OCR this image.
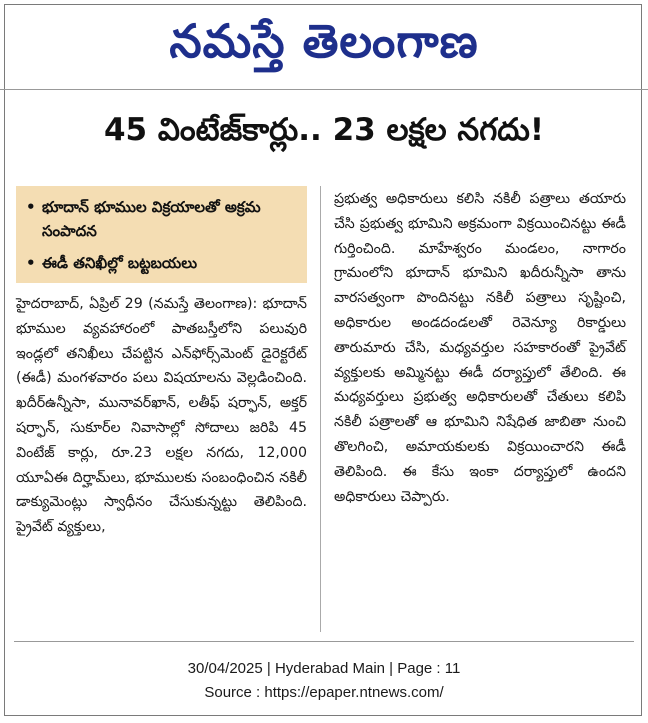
నమస్తే తెలంగాణ
45 వింటేజ్‌కార్లు.. 23 లక్షల నగదు!
• భూదాన్ భూముల విక్రయాలతో అక్రమ సంపాదన
• ఈడీ తనిఖీల్లో బట్టబయలు
హైదరాబాద్, ఏప్రిల్ 29 (నమస్తే తెలంగాణ): భూదాన్ భూముల వ్యవహారంలో పాతబస్తీలోని పలువురి ఇండ్లలో తనిఖీలు చేపట్టిన ఎన్‌ఫోర్స్‌మెంట్ డైరెక్టరేట్ (ఈడీ) మంగళవారం పలు విషయాలను వెల్లడించింది. ఖదీర్‌ఉన్నీసా, మునావర్‌ఖాన్, లతీఫ్ షర్ఫాన్, అక్తర్ షర్ఫాన్, సుకూర్‌ల నివాసాల్లో సోదాలు జరిపి 45 వింటేజ్ కార్లు, రూ.23 లక్షల నగదు, 12,000 యూఏఈ దిర్హామ్‌లు, భూములకు సంబంధించిన నకిలీ డాక్యుమెంట్లు స్వాధీనం చేసుకున్నట్టు తెలిపింది. ప్రైవేట్ వ్యక్తులు,
ప్రభుత్వ అధికారులు కలిసి నకిలీ పత్రాలు తయారు చేసి ప్రభుత్వ భూమిని అక్రమంగా విక్రయించినట్టు ఈడీ గుర్తించింది. మాహేశ్వరం మండలం, నాగారం గ్రామంలోని భూదాన్ భూమిని ఖదీరున్నీసా తాను వారసత్వంగా పొందినట్టు నకిలీ పత్రాలు సృష్టించి, అధికారుల అండదండలతో రెవెన్యూ రికార్డులు తారుమారు చేసి, మధ్యవర్తుల సహకారంతో ప్రైవేట్ వ్యక్తులకు అమ్మినట్టు ఈడీ దర్యాప్తులో తేలింది. ఈ మధ్యవర్తులు ప్రభుత్వ అధికారులతో చేతులు కలిపి నకిలీ పత్రాలతో ఆ భూమిని నిషేధిత జాబితా నుంచి తొలగించి, అమాయకులకు విక్రయించారని ఈడీ తెలిపింది. ఈ కేసు ఇంకా దర్యాప్తులో ఉందని అధికారులు చెప్పారు.
30/04/2025 | Hyderabad Main | Page : 11
Source : https://epaper.ntnews.com/
